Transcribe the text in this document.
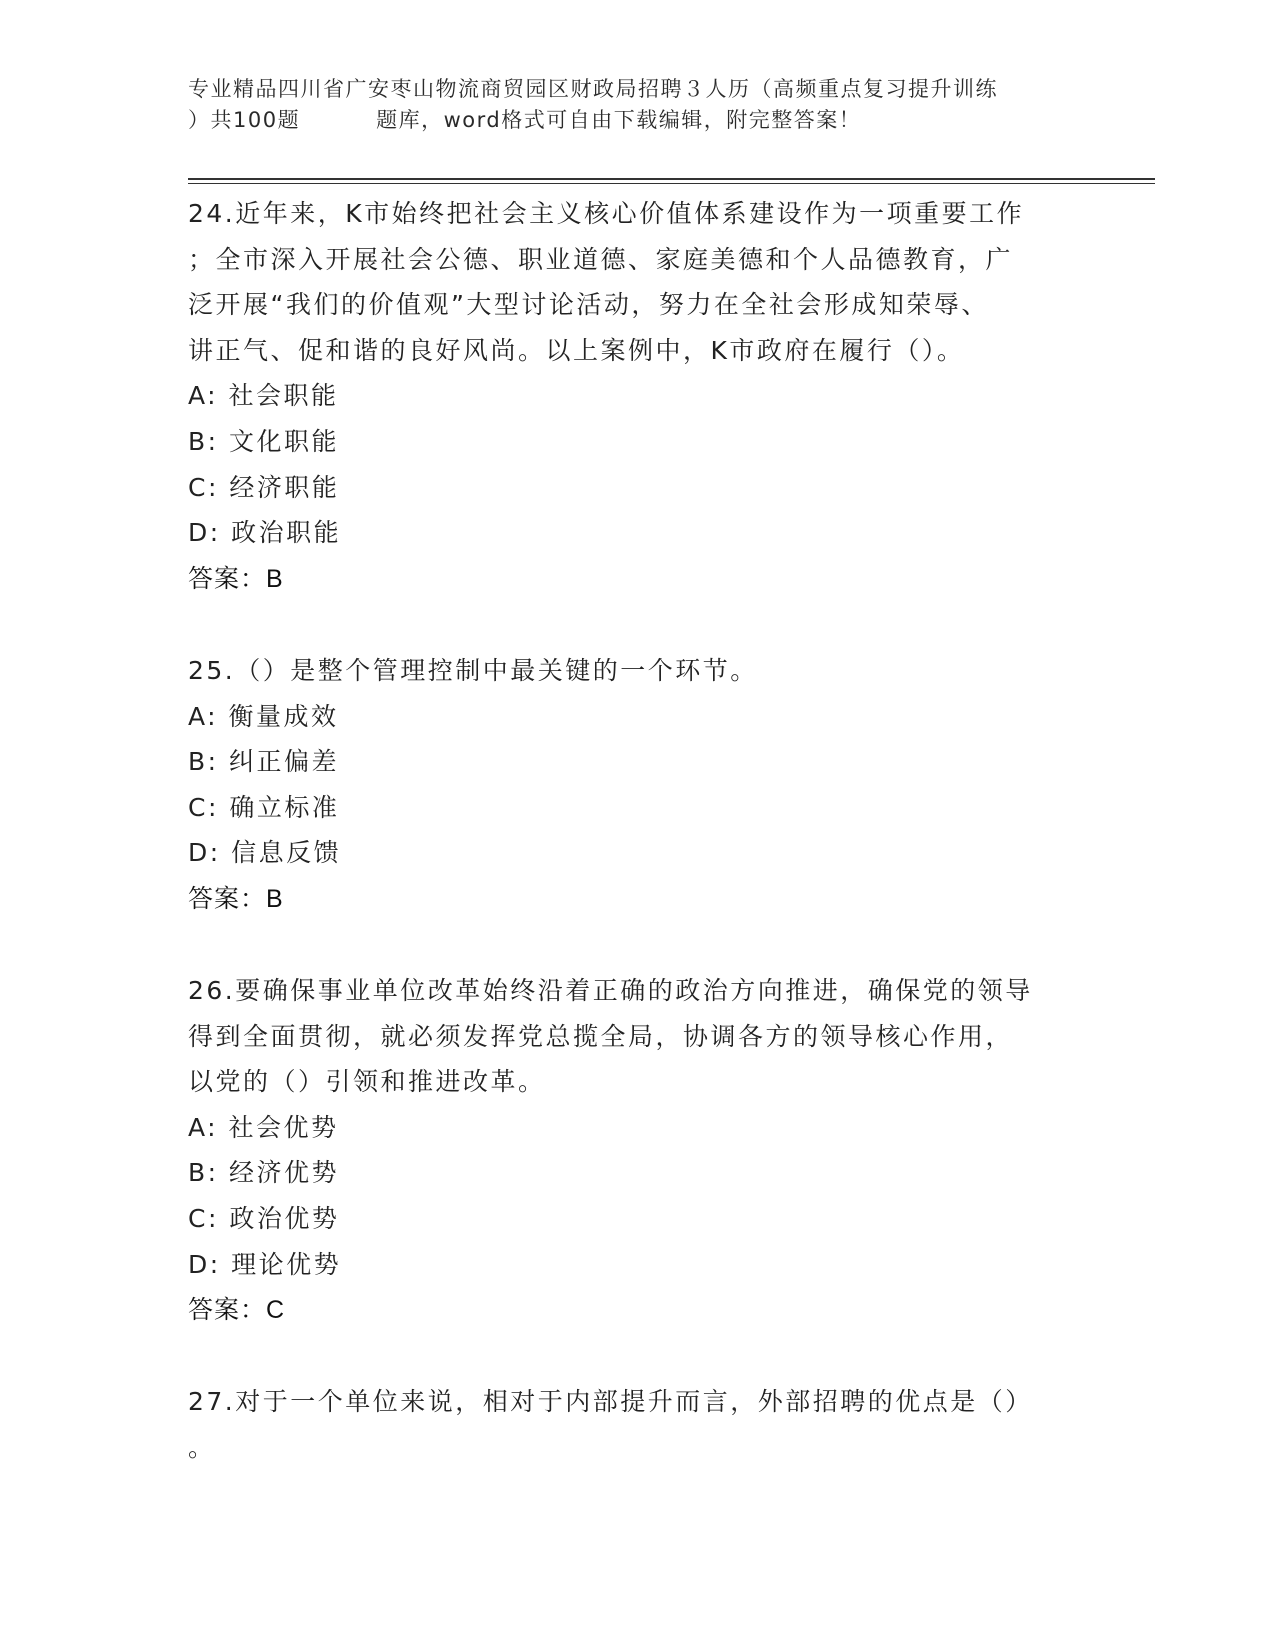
专业精品四川省广安枣山物流商贸园区财政局招聘３人历（高频重点复习提升训练
）共100题	题库，word格式可自由下载编辑，附完整答案！
24.近年来，K市始终把社会主义核心价值体系建设作为一项重要工作
；全市深入开展社会公德、职业道德、家庭美德和个人品德教育，广
泛开展“我们的价值观”大型讨论活动，努力在全社会形成知荣辱、
讲正气、促和谐的良好风尚。以上案例中，K市政府在履行（）。
A: 社会职能
B: 文化职能
C: 经济职能
D: 政治职能
答案：B
25.（）是整个管理控制中最关键的一个环节。
A: 衡量成效
B: 纠正偏差
C: 确立标准
D: 信息反馈
答案：B
26.要确保事业单位改革始终沿着正确的政治方向推进，确保党的领导
得到全面贯彻，就必须发挥党总揽全局，协调各方的领导核心作用，
以党的（）引领和推进改革。
A: 社会优势
B: 经济优势
C: 政治优势
D: 理论优势
答案：C
27.对于一个单位来说，相对于内部提升而言，外部招聘的优点是（）
。
